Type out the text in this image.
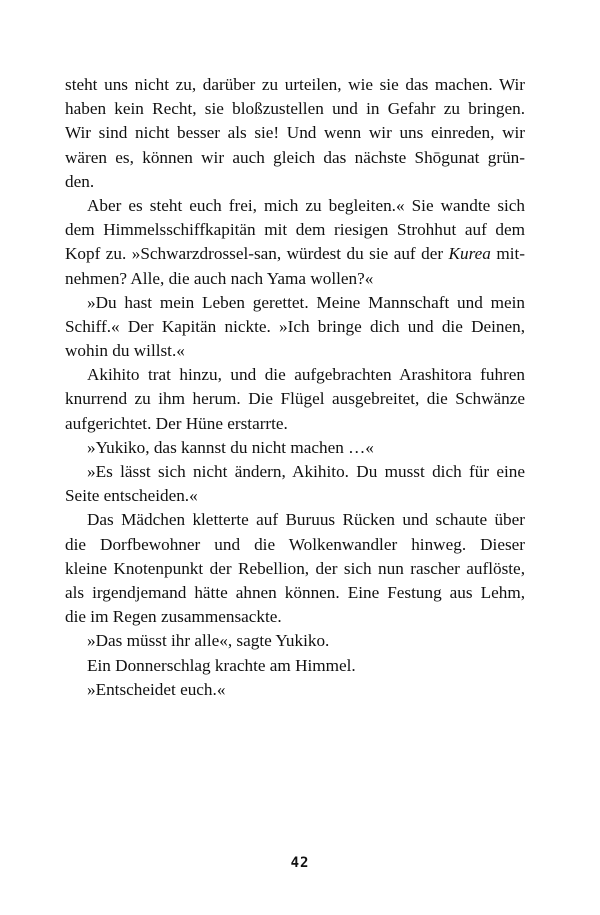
steht uns nicht zu, darüber zu urteilen, wie sie das machen. Wir
haben kein Recht, sie bloßzustellen und in Gefahr zu bringen.
Wir sind nicht besser als sie! Und wenn wir uns einreden, wir
wären es, können wir auch gleich das nächste Shōgunat grün-
den.
Aber es steht euch frei, mich zu begleiten.« Sie wandte sich
dem Himmelsschiffkapitän mit dem riesigen Strohhut auf dem
Kopf zu. »Schwarzdrossel-san, würdest du sie auf der Kurea mit-
nehmen? Alle, die auch nach Yama wollen?«
»Du hast mein Leben gerettet. Meine Mannschaft und mein
Schiff.« Der Kapitän nickte. »Ich bringe dich und die Deinen,
wohin du willst.«
Akihito trat hinzu, und die aufgebrachten Arashitora fuhren
knurrend zu ihm herum. Die Flügel ausgebreitet, die Schwänze
aufgerichtet. Der Hüne erstarrte.
»Yukiko, das kannst du nicht machen …«
»Es lässt sich nicht ändern, Akihito. Du musst dich für eine
Seite entscheiden.«
Das Mädchen kletterte auf Buruus Rücken und schaute über
die Dorfbewohner und die Wolkenwandler hinweg. Dieser
kleine Knotenpunkt der Rebellion, der sich nun rascher auflöste,
als irgendjemand hätte ahnen können. Eine Festung aus Lehm,
die im Regen zusammensackte.
»Das müsst ihr alle«, sagte Yukiko.
Ein Donnerschlag krachte am Himmel.
»Entscheidet euch.«
42
